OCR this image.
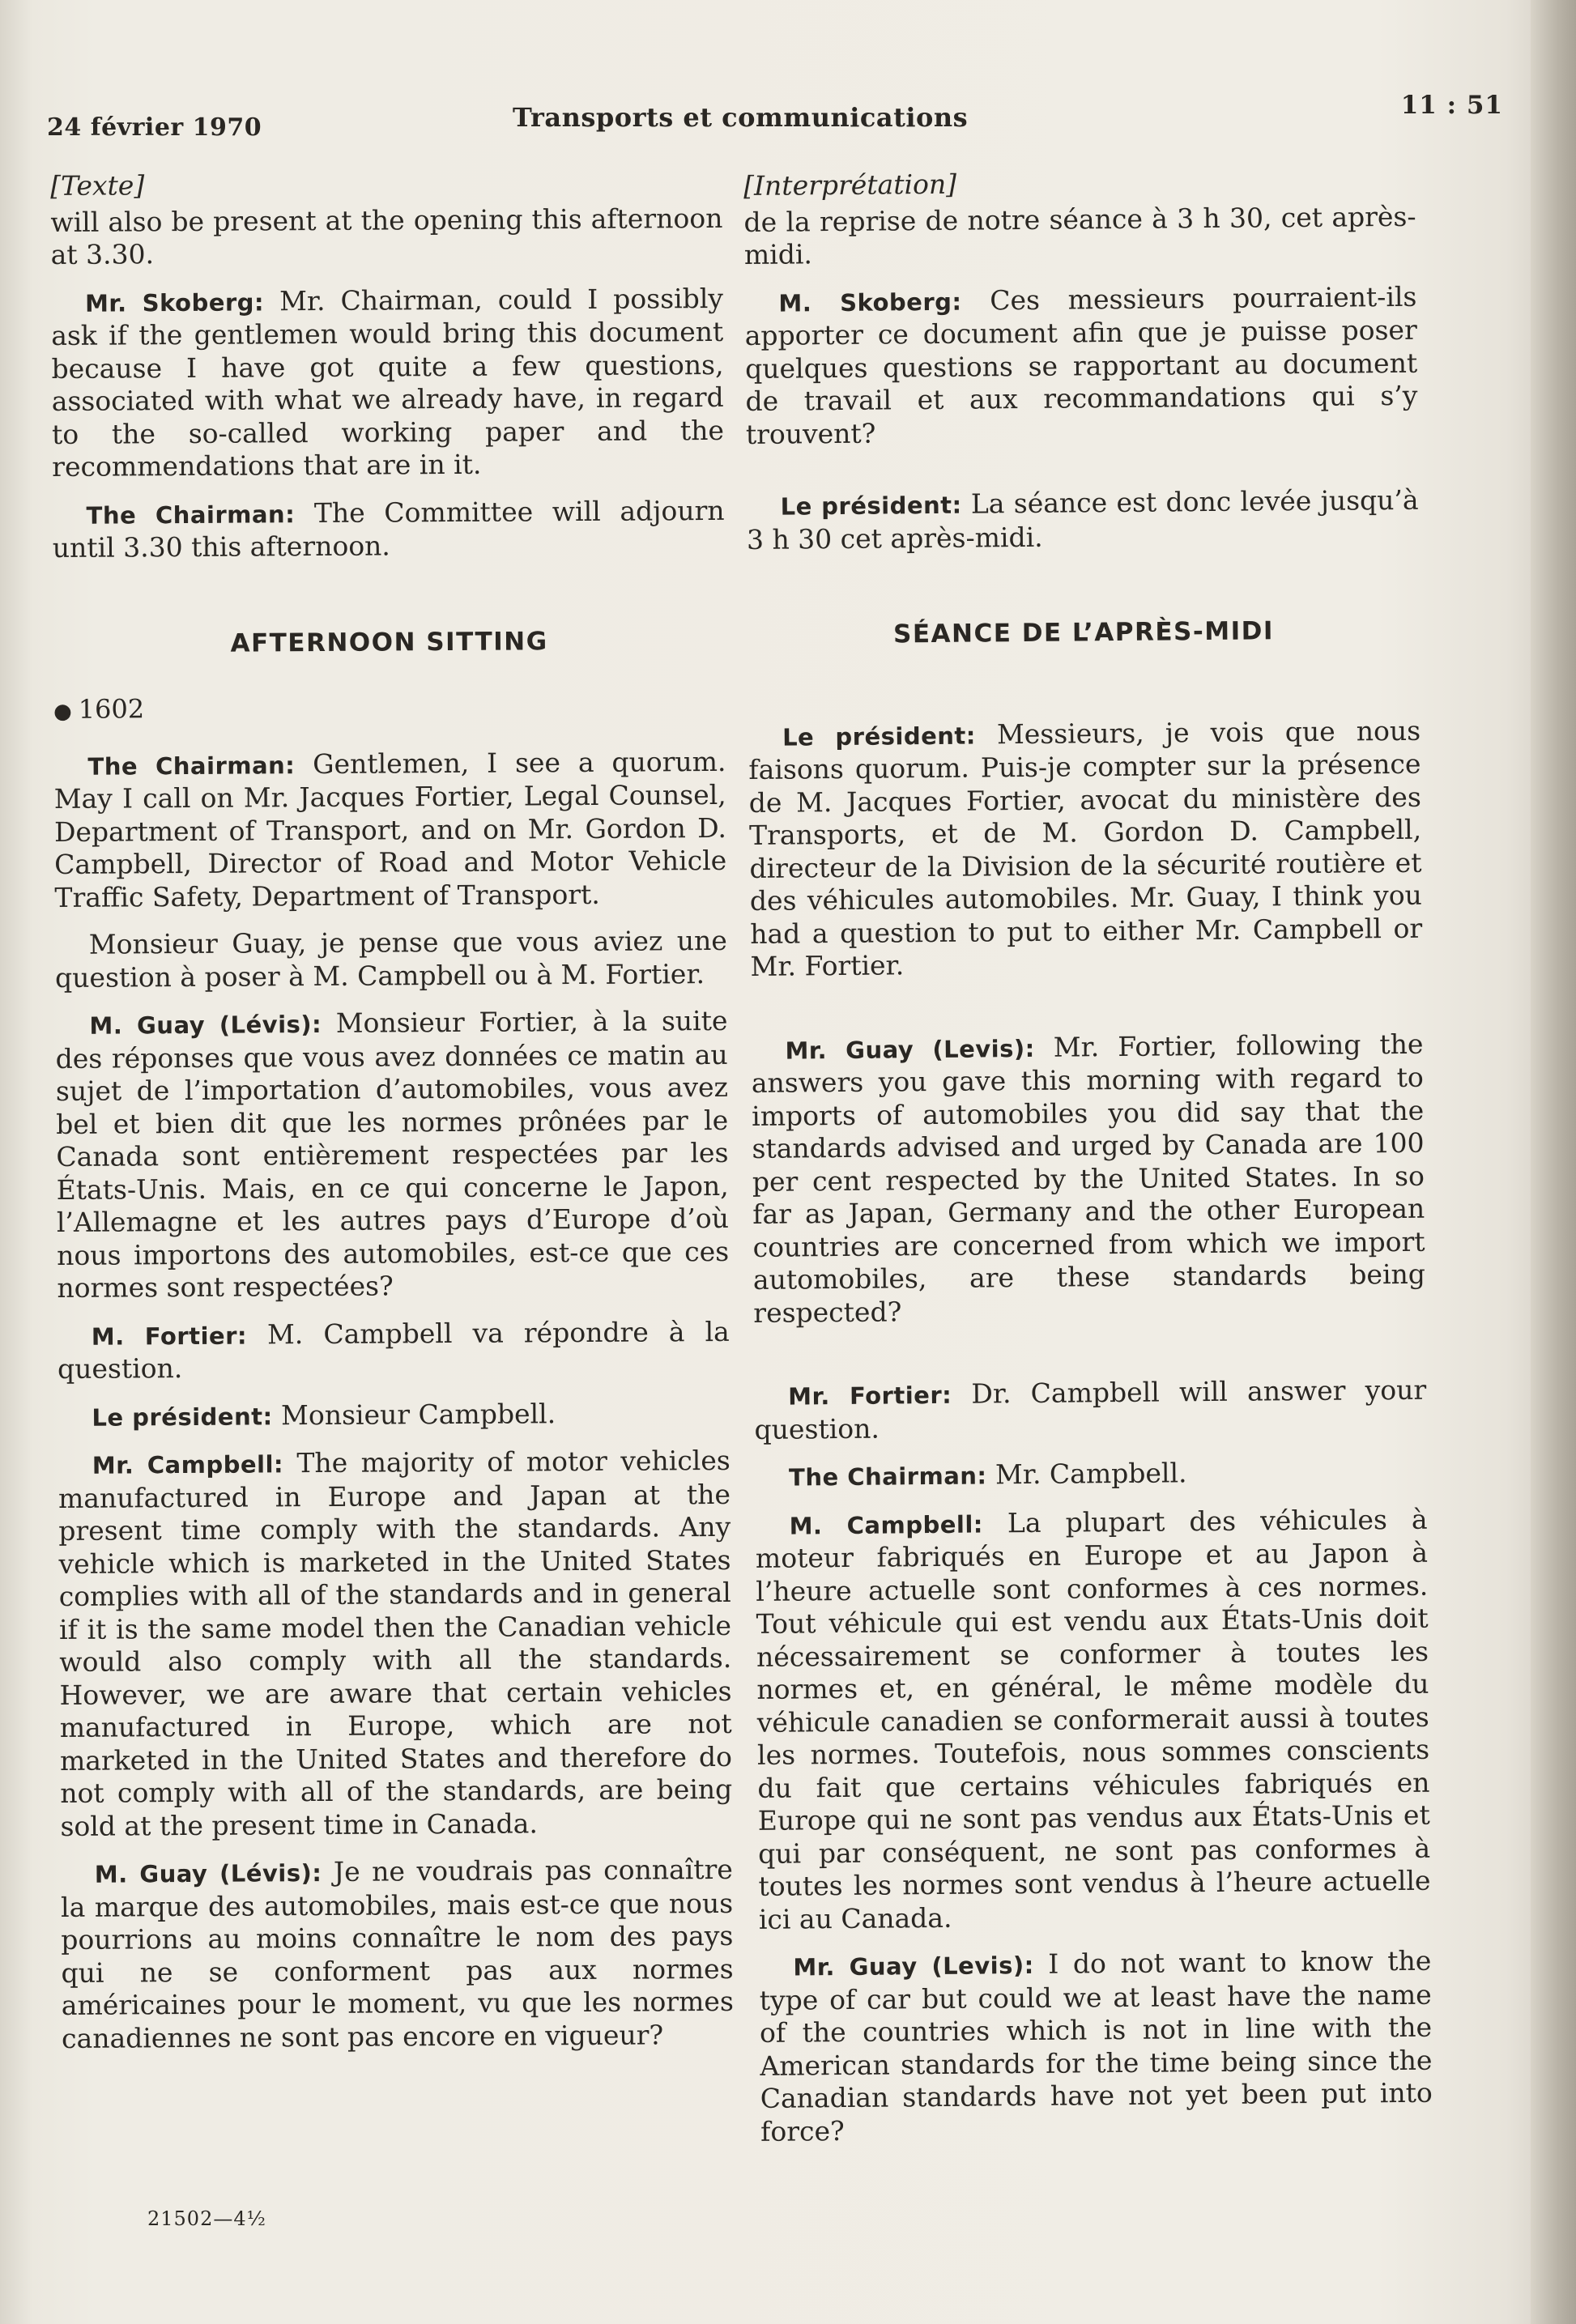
24 février 1970	Transports et communications	11 : 51
[Texte]

will also be present at the opening this afternoon at 3.30.

Mr. Skoberg: Mr. Chairman, could I possibly ask if the gentlemen would bring this document because I have got quite a few questions, associated with what we already have, in regard to the so-called working paper and the recommendations that are in it.

The Chairman: The Committee will adjourn until 3.30 this afternoon.

AFTERNOON SITTING
● 1602

The Chairman: Gentlemen, I see a quorum. May I call on Mr. Jacques Fortier, Legal Counsel, Department of Transport, and on Mr. Gordon D. Campbell, Director of Road and Motor Vehicle Traffic Safety, Department of Transport.

Monsieur Guay, je pense que vous aviez une question à poser à M. Campbell ou à M. Fortier.

M. Guay (Lévis): Monsieur Fortier, à la suite des réponses que vous avez données ce matin au sujet de l’importation d’automobiles, vous avez bel et bien dit que les normes prônées par le Canada sont entièrement respectées par les États-Unis. Mais, en ce qui concerne le Japon, l’Allemagne et les autres pays d’Europe d’où nous importons des automobiles, est-ce que ces normes sont respectées?

M. Fortier: M. Campbell va répondre à la question.

Le président: Monsieur Campbell.

Mr. Campbell: The majority of motor vehicles manufactured in Europe and Japan at the present time comply with the standards. Any vehicle which is marketed in the United States complies with all of the standards and in general if it is the same model then the Canadian vehicle would also comply with all the standards. However, we are aware that certain vehicles manufactured in Europe, which are not marketed in the United States and therefore do not comply with all of the standards, are being sold at the present time in Canada.

M. Guay (Lévis): Je ne voudrais pas connaître la marque des automobiles, mais est-ce que nous pourrions au moins connaître le nom des pays qui ne se conforment pas aux normes américaines pour le moment, vu que les normes canadiennes ne sont pas encore en vigueur?

21502—4½
[Interprétation]

de la reprise de notre séance à 3 h 30, cet après-midi.

M. Skoberg: Ces messieurs pourraient-ils apporter ce document afin que je puisse poser quelques questions se rapportant au document de travail et aux recommandations qui s’y trouvent?

Le président: La séance est donc levée jusqu’à 3 h 30 cet après-midi.

SÉANCE DE L’APRÈS-MIDI

Le président: Messieurs, je vois que nous faisons quorum. Puis-je compter sur la présence de M. Jacques Fortier, avocat du ministère des Transports, et de M. Gordon D. Campbell, directeur de la Division de la sécurité routière et des véhicules automobiles. Mr. Guay, I think you had a question to put to either Mr. Campbell or Mr. Fortier.

Mr. Guay (Levis): Mr. Fortier, following the answers you gave this morning with regard to imports of automobiles you did say that the standards advised and urged by Canada are 100 per cent respected by the United States. In so far as Japan, Germany and the other European countries are concerned from which we import automobiles, are these standards being respected?

Mr. Fortier: Dr. Campbell will answer your question.

The Chairman: Mr. Campbell.

M. Campbell: La plupart des véhicules à moteur fabriqués en Europe et au Japon à l’heure actuelle sont conformes à ces normes. Tout véhicule qui est vendu aux États-Unis doit nécessairement se conformer à toutes les normes et, en général, le même modèle du véhicule canadien se conformerait aussi à toutes les normes. Toutefois, nous sommes conscients du fait que certains véhicules fabriqués en Europe qui ne sont pas vendus aux États-Unis et qui par conséquent, ne sont pas conformes à toutes les normes sont vendus à l’heure actuelle ici au Canada.

Mr. Guay (Levis): I do not want to know the type of car but could we at least have the name of the countries which is not in line with the American standards for the time being since the Canadian standards have not yet been put into force?
